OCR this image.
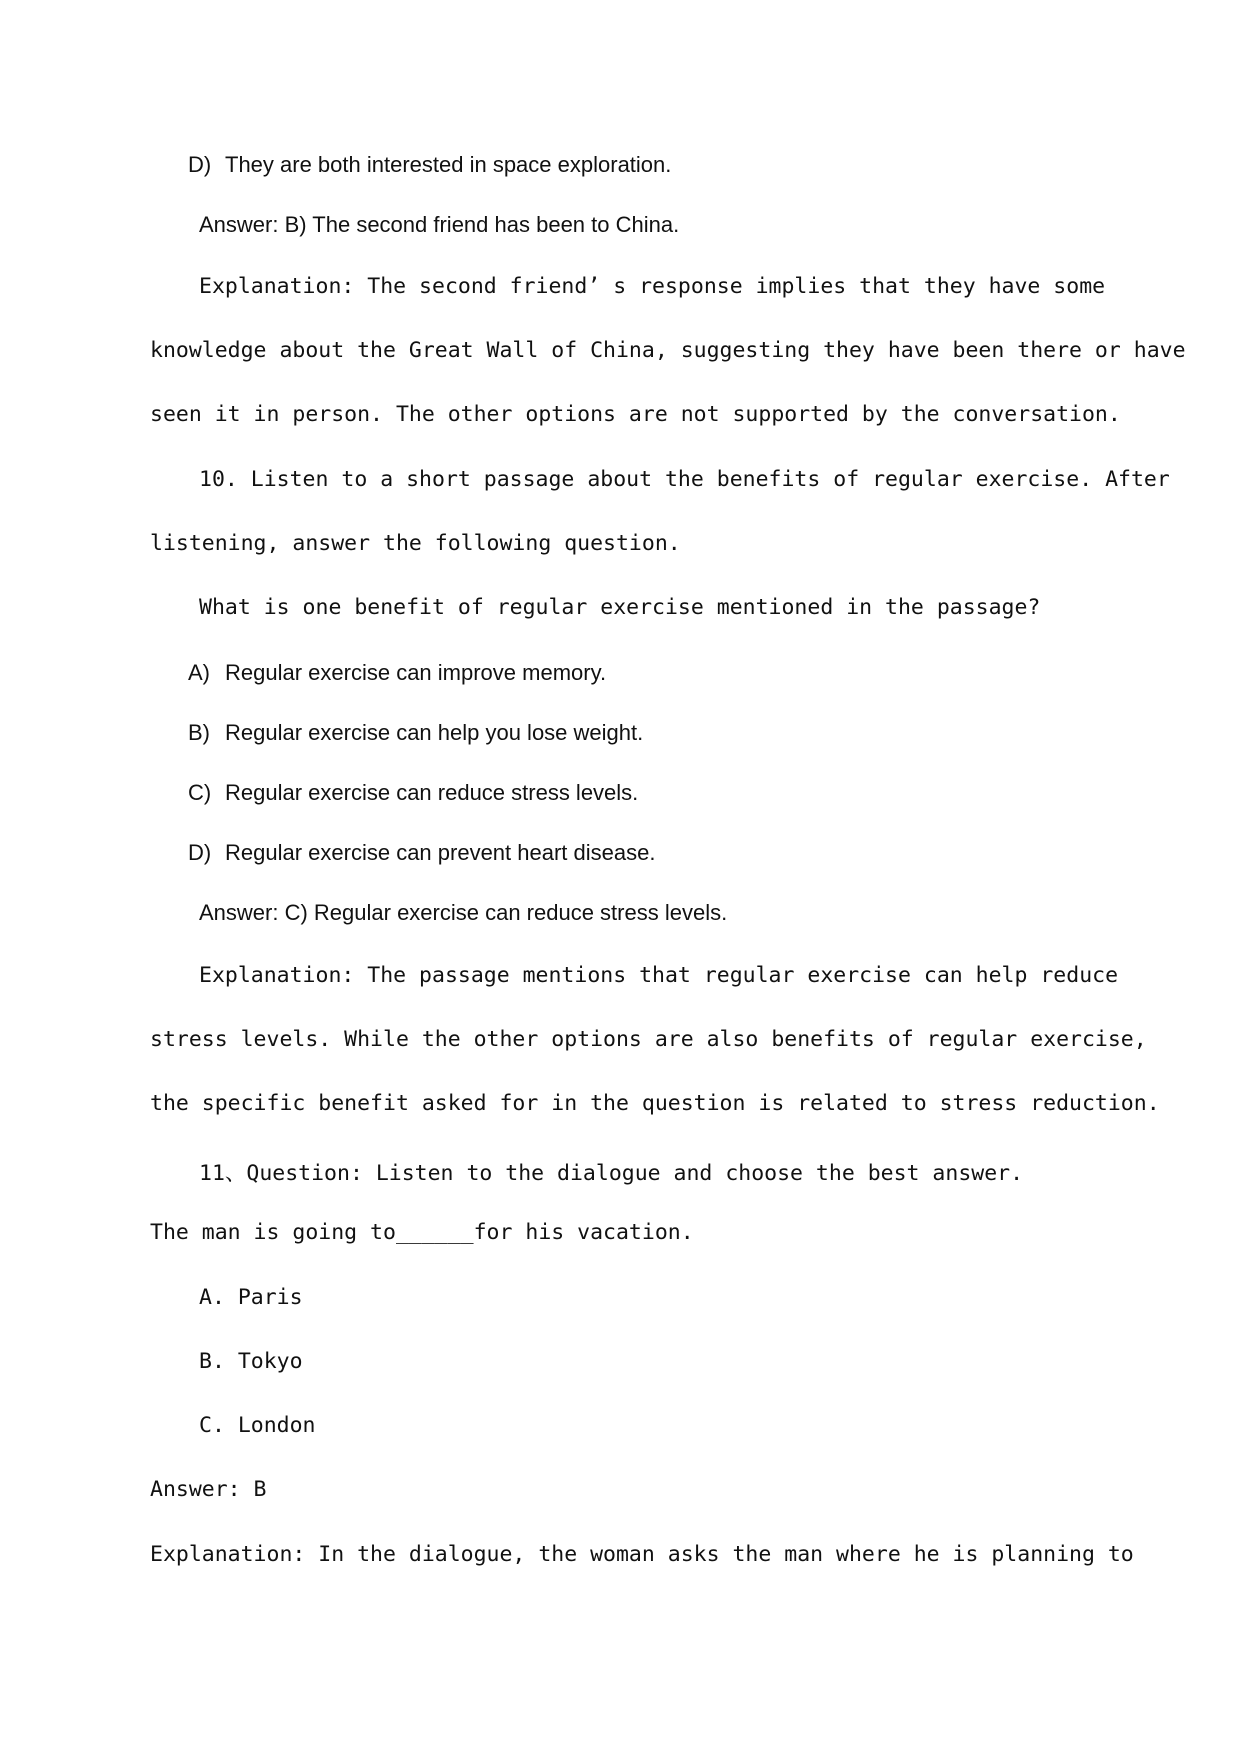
D) They are both interested in space exploration.
Answer: B) The second friend has been to China.
Explanation: The second friend’ s response implies that they have some
knowledge about the Great Wall of China, suggesting they have been there or have
seen it in person. The other options are not supported by the conversation.
10. Listen to a short passage about the benefits of regular exercise. After
listening, answer the following question.
What is one benefit of regular exercise mentioned in the passage?
A) Regular exercise can improve memory.
B) Regular exercise can help you lose weight.
C) Regular exercise can reduce stress levels.
D) Regular exercise can prevent heart disease.
Answer: C) Regular exercise can reduce stress levels.
Explanation: The passage mentions that regular exercise can help reduce
stress levels. While the other options are also benefits of regular exercise,
the specific benefit asked for in the question is related to stress reduction.
11、Question: Listen to the dialogue and choose the best answer.
The man is going to______for his vacation.
A. Paris
B. Tokyo
C. London
Answer: B
Explanation: In the dialogue, the woman asks the man where he is planning to
